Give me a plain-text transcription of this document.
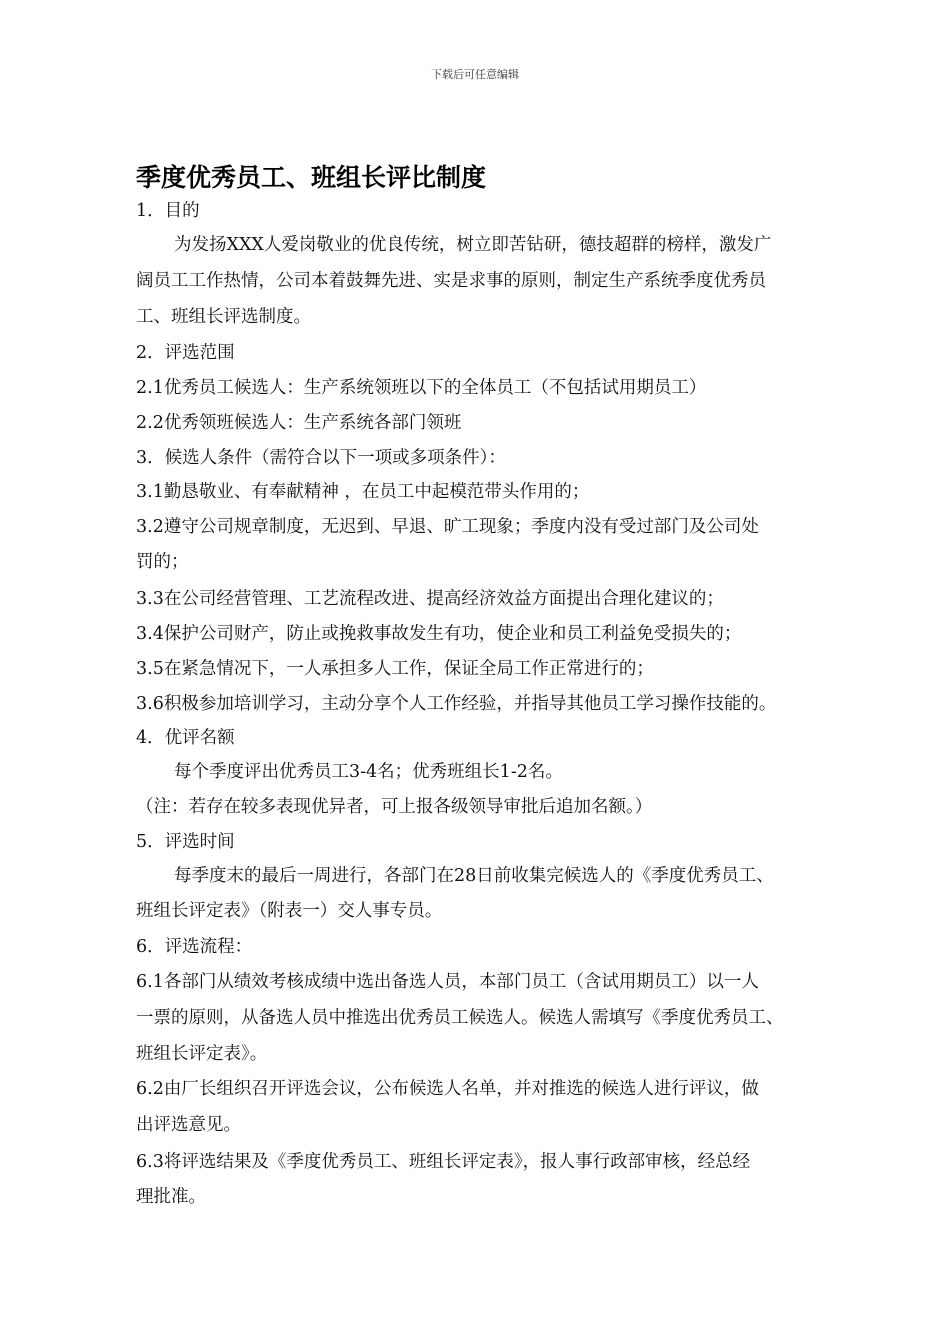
下载后可任意编辑
季度优秀员工、班组长评比制度
1．目的
为发扬XXX人爱岗敬业的优良传统，树立即苦钻研，德技超群的榜样，激发广
阔员工工作热情，公司本着鼓舞先进、实是求事的原则，制定生产系统季度优秀员
工、班组长评选制度。
2．评选范围
2.1优秀员工候选人：生产系统领班以下的全体员工（不包括试用期员工）
2.2优秀领班候选人：生产系统各部门领班
3．候选人条件（需符合以下一项或多项条件）：
3.1勤恳敬业、有奉献精神 ，在员工中起模范带头作用的；
3.2遵守公司规章制度，无迟到、早退、旷工现象；季度内没有受过部门及公司处
罚的；
3.3在公司经营管理、工艺流程改进、提高经济效益方面提出合理化建议的；
3.4保护公司财产，防止或挽救事故发生有功，使企业和员工利益免受损失的；
3.5在紧急情况下，一人承担多人工作，保证全局工作正常进行的；
3.6积极参加培训学习，主动分享个人工作经验，并指导其他员工学习操作技能的。
4．优评名额
每个季度评出优秀员工3-4名；优秀班组长1-2名。
（注：若存在较多表现优异者，可上报各级领导审批后追加名额。）
5．评选时间
每季度末的最后一周进行，各部门在28日前收集完候选人的《季度优秀员工、
班组长评定表》（附表一）交人事专员。
6．评选流程：
6.1各部门从绩效考核成绩中选出备选人员，本部门员工（含试用期员工）以一人
一票的原则，从备选人员中推选出优秀员工候选人。候选人需填写《季度优秀员工、
班组长评定表》。
6.2由厂长组织召开评选会议，公布候选人名单，并对推选的候选人进行评议，做
出评选意见。
6.3将评选结果及《季度优秀员工、班组长评定表》，报人事行政部审核，经总经
理批准。
